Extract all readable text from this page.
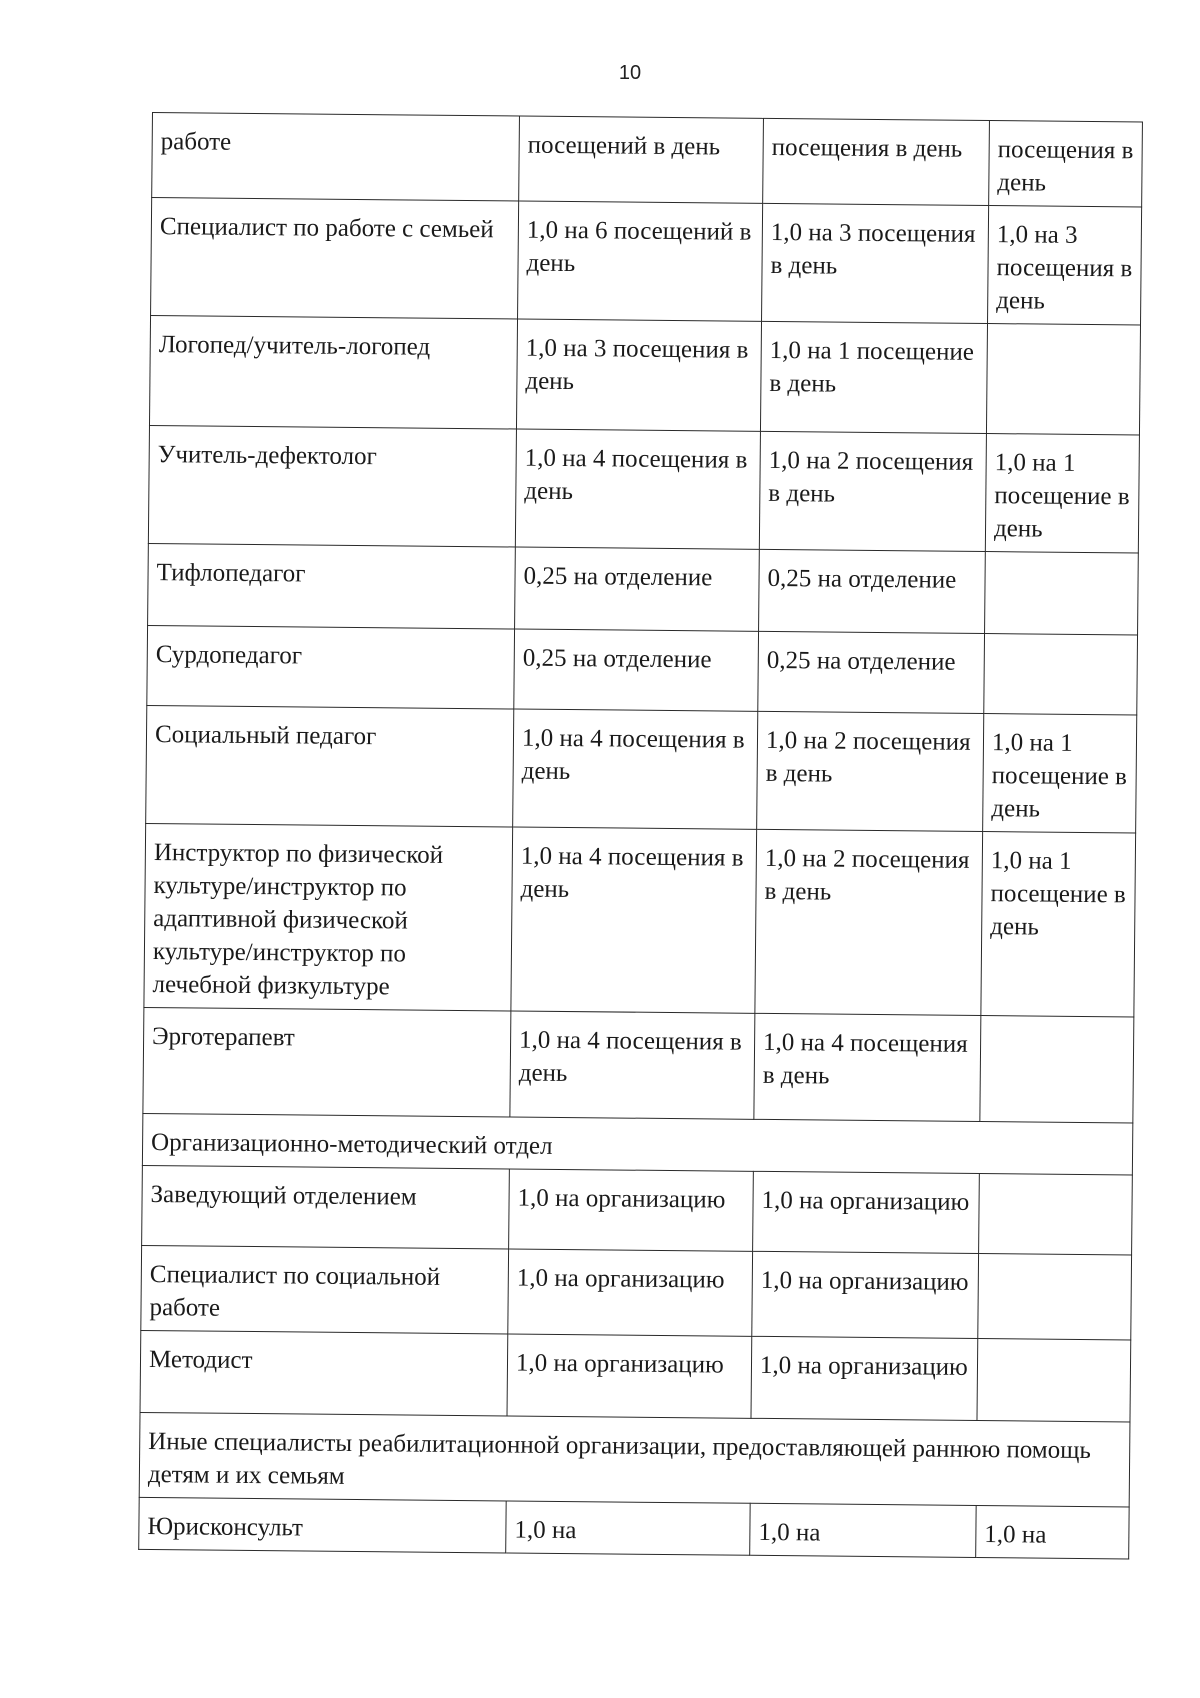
10
работе	посещений в день	посещения в день	посещения в день
Специалист по работе с семьей	1,0 на 6 посещений в день	1,0 на 3 посещения в день	1,0 на 3 посещения в день
Логопед/учитель-логопед	1,0 на 3 посещения в день	1,0 на 1 посещение в день	
Учитель-дефектолог	1,0 на 4 посещения в день	1,0 на 2 посещения в день	1,0 на 1 посещение в день
Тифлопедагог	0,25 на отделение	0,25 на отделение	
Сурдопедагог	0,25 на отделение	0,25 на отделение	
Социальный педагог	1,0 на 4 посещения в день	1,0 на 2 посещения в день	1,0 на 1 посещение в день
Инструктор по физической культуре/инструктор по адаптивной физической культуре/инструктор по лечебной физкультуре	1,0 на 4 посещения в день	1,0 на 2 посещения в день	1,0 на 1 посещение в день
Эрготерапевт	1,0 на 4 посещения в день	1,0 на 4 посещения в день	
Организационно-методический отдел			
Заведующий отделением	1,0 на организацию	1,0 на организацию	
Специалист по социальной работе	1,0 на организацию	1,0 на организацию	
Методист	1,0 на организацию	1,0 на организацию	
Иные специалисты реабилитационной организации, предоставляющей раннюю помощь детям и их семьям			
Юрисконсульт	1,0 на	1,0 на	1,0 на
